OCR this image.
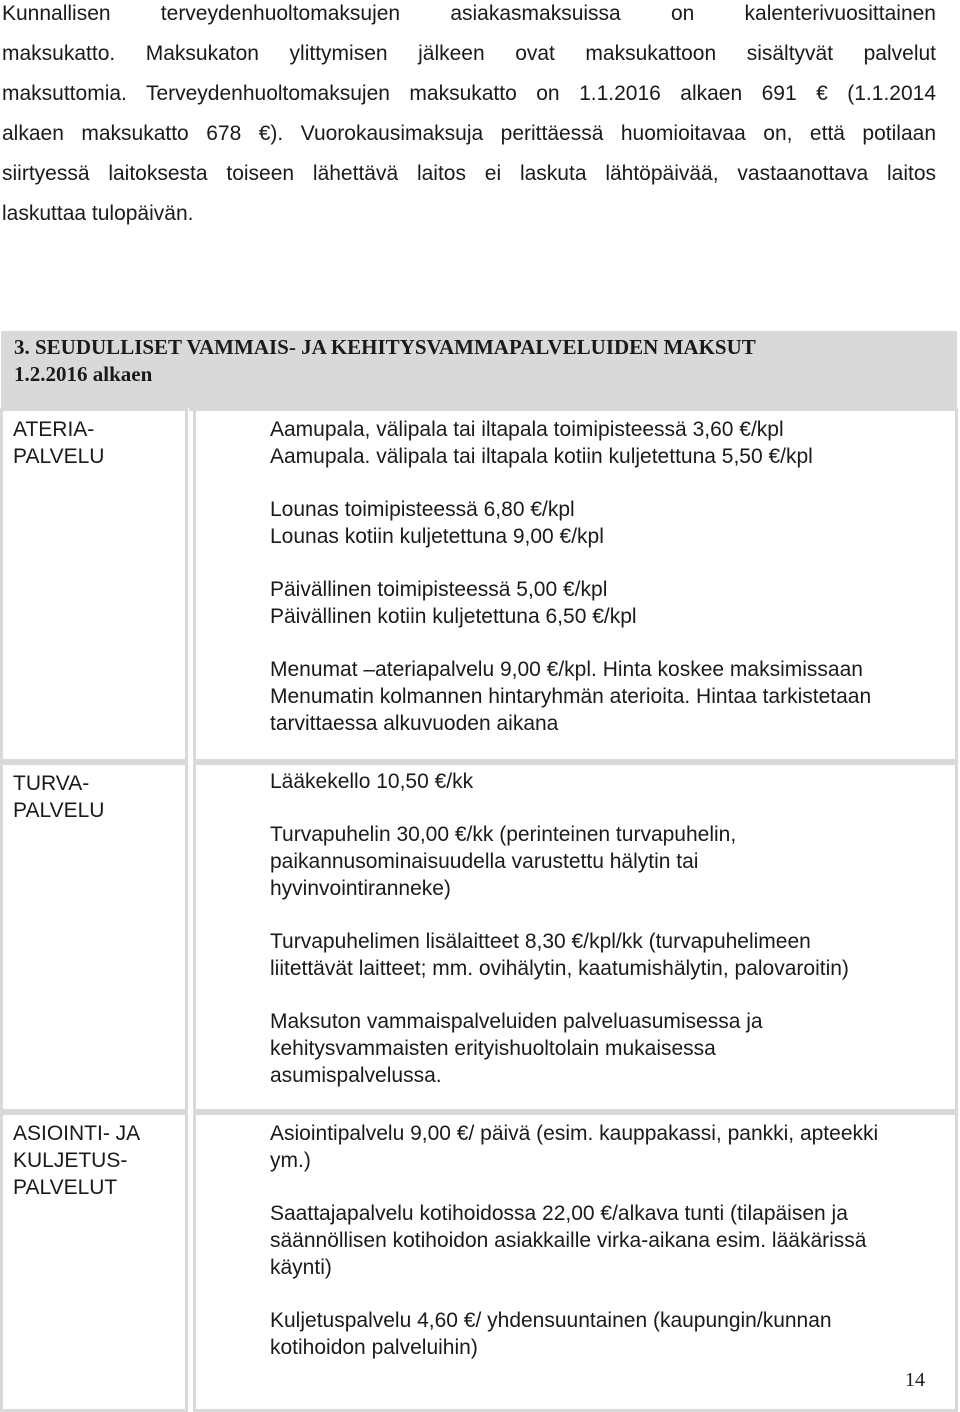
Kunnallisen terveydenhuoltomaksujen asiakasmaksuissa on kalenterivuosittainen
maksukatto. Maksukaton ylittymisen jälkeen ovat maksukattoon sisältyvät palvelut
maksuttomia. Terveydenhuoltomaksujen maksukatto on 1.1.2016 alkaen 691 € (1.1.2014
alkaen maksukatto 678 €). Vuorokausimaksuja perittäessä huomioitavaa on, että potilaan
siirtyessä laitoksesta toiseen lähettävä laitos ei laskuta lähtöpäivää, vastaanottava laitos
laskuttaa tulopäivän.

3. SEUDULLISET VAMMAIS- JA KEHITYSVAMMAPALVELUIDEN MAKSUT
1.2.2016 alkaen
ATERIA-
PALVELU
TURVA-
PALVELU
ASIOINTI- JA
KULJETUS-
PALVELUT

Aamupala, välipala tai iltapala toimipisteessä 3,60 €/kpl
Aamupala. välipala tai iltapala kotiin kuljetettuna 5,50 €/kpl

Lounas toimipisteessä 6,80 €/kpl
Lounas kotiin kuljetettuna 9,00 €/kpl

Päivällinen toimipisteessä 5,00 €/kpl
Päivällinen kotiin kuljetettuna 6,50 €/kpl

Menumat –ateriapalvelu 9,00 €/kpl. Hinta koskee maksimissaan
Menumatin kolmannen hintaryhmän aterioita. Hintaa tarkistetaan
tarvittaessa alkuvuoden aikana

Lääkekello 10,50 €/kk

Turvapuhelin 30,00 €/kk (perinteinen turvapuhelin,
paikannusominaisuudella varustettu hälytin tai
hyvinvointiranneke)

Turvapuhelimen lisälaitteet 8,30 €/kpl/kk (turvapuhelimeen
liitettävät laitteet; mm. ovihälytin, kaatumishälytin, palovaroitin)

Maksuton vammaispalveluiden palveluasumisessa ja
kehitysvammaisten erityishuoltolain mukaisessa
asumispalvelussa.

Asiointipalvelu 9,00 €/ päivä (esim. kauppakassi, pankki, apteekki
ym.)

Saattajapalvelu kotihoidossa 22,00 €/alkava tunti (tilapäisen ja
säännöllisen kotihoidon asiakkaille virka-aikana esim. lääkärissä
käynti)

Kuljetuspalvelu 4,60 €/ yhdensuuntainen (kaupungin/kunnan
kotihoidon palveluihin)

14
